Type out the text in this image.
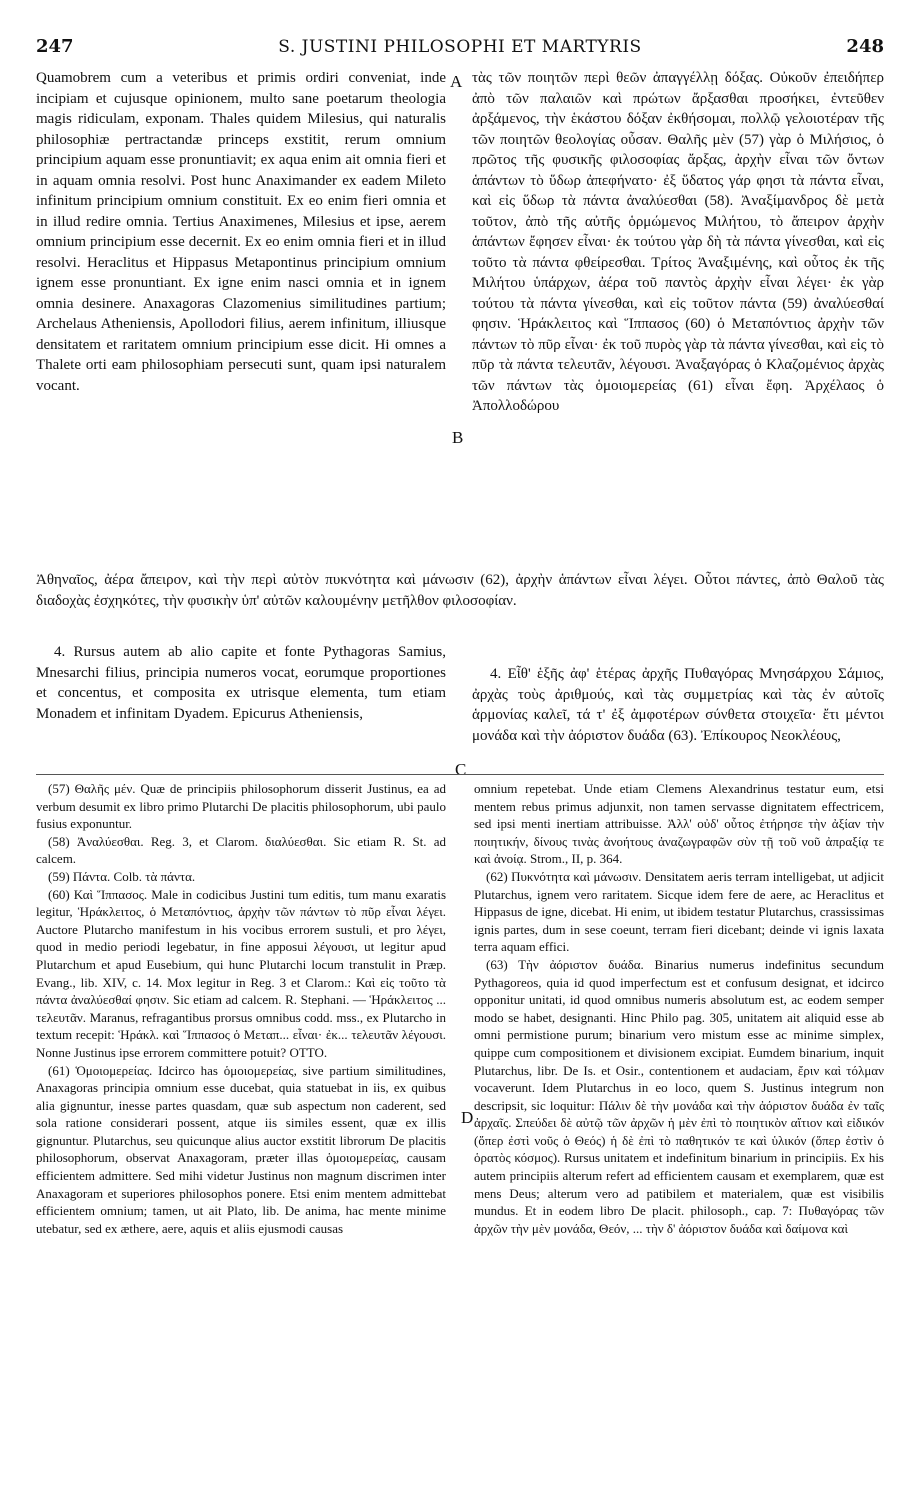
247	S. JUSTINI PHILOSOPHI ET MARTYRIS	248

Quamobrem cum a veteribus et primis ordiri conveniat, inde incipiam et cujusque opinionem, multo sane poetarum theologia magis ridiculam, exponam. Thales quidem Milesius, qui naturalis philosophiæ pertractandæ princeps exstitit, rerum omnium principium aquam esse pronuntiavit; ex aqua enim ait omnia fieri et in aquam omnia resolvi. Post hunc Anaximander ex eadem Mileto infinitum principium omnium constituit. Ex eo enim fieri omnia et in illud redire omnia. Tertius Anaximenes, Milesius et ipse, aerem omnium principium esse decernit. Ex eo enim omnia fieri et in illud resolvi. Heraclitus et Hippasus Metapontinus principium omnium ignem esse pronuntiant. Ex igne enim nasci omnia et in ignem omnia desinere. Anaxagoras Clazomenius similitudines partium; Archelaus Atheniensis, Apollodori filius, aerem infinitum, illiusque densitatem et raritatem omnium principium esse dicit. Hi omnes a Thalete orti eam philosophiam persecuti sunt, quam ipsi naturalem vocant.

τὰς τῶν ποιητῶν περὶ θεῶν ἀπαγγέλλῃ δόξας. Οὐκοῦν ἐπειδήπερ ἀπὸ τῶν παλαιῶν καὶ πρώτων ἄρξασθαι προσήκει, ἐντεῦθεν ἀρξάμενος, τὴν ἑκάστου δόξαν ἐκθήσομαι, πολλῷ γελοιοτέραν τῆς τῶν ποιητῶν θεολογίας οὖσαν. Θαλῆς μὲν (57) γὰρ ὁ Μιλήσιος, ὁ πρῶτος τῆς φυσικῆς φιλοσοφίας ἄρξας, ἀρχὴν εἶναι τῶν ὄντων ἁπάντων τὸ ὕδωρ ἀπεφήνατο· ἐξ ὕδατος γάρ φησι τὰ πάντα εἶναι, καὶ εἰς ὕδωρ τὰ πάντα ἀναλύεσθαι (58). Ἀναξίμανδρος δὲ μετὰ τοῦτον, ἀπὸ τῆς αὐτῆς ὁρμώμενος Μιλήτου, τὸ ἄπειρον ἀρχὴν ἁπάντων ἔφησεν εἶναι· ἐκ τούτου γὰρ δὴ τὰ πάντα γίνεσθαι, καὶ εἰς τοῦτο τὰ πάντα φθείρεσθαι. Τρίτος Ἀναξιμένης, καὶ οὗτος ἐκ τῆς Μιλήτου ὑπάρχων, ἀέρα τοῦ παντὸς ἀρχὴν εἶναι λέγει· ἐκ γὰρ τούτου τὰ πάντα γίνεσθαι, καὶ εἰς τοῦτον πάντα (59) ἀναλύεσθαί φησιν. Ἡράκλειτος καὶ Ἵππασος (60) ὁ Μεταπόντιος ἀρχὴν τῶν πάντων τὸ πῦρ εἶναι· ἐκ τοῦ πυρὸς γὰρ τὰ πάντα γίνεσθαι, καὶ εἰς τὸ πῦρ τὰ πάντα τελευτᾶν, λέγουσι. Ἀναξαγόρας ὁ Κλαζομένιος ἀρχὰς τῶν πάντων τὰς ὁμοιομερείας (61) εἶναι ἔφη. Ἀρχέλαος ὁ Ἀπολλοδώρου

A
B
C
D

Ἀθηναῖος, ἀέρα ἄπειρον, καὶ τὴν περὶ αὐτὸν πυκνότητα καὶ μάνωσιν (62), ἀρχὴν ἁπάντων εἶναι λέγει. Οὗτοι πάντες, ἀπὸ Θαλοῦ τὰς διαδοχὰς ἐσχηκότες, τὴν φυσικὴν ὑπ' αὐτῶν καλουμένην μετῆλθον φιλοσοφίαν.

4. Rursus autem ab alio capite et fonte Pythagoras Samius, Mnesarchi filius, principia numeros vocat, eorumque proportiones et concentus, et composita ex utrisque elementa, tum etiam Monadem et infinitam Dyadem. Epicurus Atheniensis,

4. Εἶθ' ἑξῆς ἀφ' ἑτέρας ἀρχῆς Πυθαγόρας Μνησάρχου Σάμιος, ἀρχὰς τοὺς ἀριθμούς, καὶ τὰς συμμετρίας καὶ τὰς ἐν αὐτοῖς ἁρμονίας καλεῖ, τά τ' ἐξ ἀμφοτέρων σύνθετα στοιχεῖα· ἔτι μέντοι μονάδα καὶ τὴν ἀόριστον δυάδα (63). Ἐπίκουρος Νεοκλέους,

(57) Θαλῆς μέν. Quæ de principiis philosophorum disserit Justinus, ea ad verbum desumit ex libro primo Plutarchi De placitis philosophorum, ubi paulo fusius exponuntur.

(58) Ἀναλύεσθαι. Reg. 3, et Clarom. διαλύεσθαι. Sic etiam R. St. ad calcem.

(59) Πάντα. Colb. τὰ πάντα.

(60) Καὶ Ἵππασος. Male in codicibus Justini tum editis, tum manu exaratis legitur, Ἡράκλειτος, ὁ Μεταπόντιος, ἀρχὴν τῶν πάντων τὸ πῦρ εἶναι λέγει. Auctore Plutarcho manifestum in his vocibus errorem sustuli, et pro λέγει, quod in medio periodi legebatur, in fine apposui λέγουσι, ut legitur apud Plutarchum et apud Eusebium, qui hunc Plutarchi locum transtulit in Præp. Evang., lib. XIV, c. 14. Mox legitur in Reg. 3 et Clarom.: Καὶ εἰς τοῦτο τὰ πάντα ἀναλύεσθαί φησιν. Sic etiam ad calcem. R. Stephani. — Ἡράκλειτος ... τελευτᾶν. Maranus, refragantibus prorsus omnibus codd. mss., ex Plutarcho in textum recepit: Ἡράκλ. καὶ Ἵππασος ὁ Μεταπ... εἶναι· ἐκ... τελευτᾶν λέγουσι. Nonne Justinus ipse errorem committere potuit? OTTO.

(61) Ὁμοιομερείας. Idcirco has ὁμοιομερείας, sive partium similitudines, Anaxagoras principia omnium esse ducebat, quia statuebat in iis, ex quibus alia gignuntur, inesse partes quasdam, quæ sub aspectum non caderent, sed sola ratione considerari possent, atque iis similes essent, quæ ex illis gignuntur. Plutarchus, seu quicunque alius auctor exstitit librorum De placitis philosophorum, observat Anaxagoram, præter illas ὁμοιομερείας, causam efficientem admittere. Sed mihi videtur Justinus non magnum discrimen inter Anaxagoram et superiores philosophos ponere. Etsi enim mentem admittebat efficientem omnium; tamen, ut ait Plato, lib. De anima, hac mente minime utebatur, sed ex æthere, aere, aquis et aliis ejusmodi causas

omnium repetebat. Unde etiam Clemens Alexandrinus testatur eum, etsi mentem rebus primus adjunxit, non tamen servasse dignitatem effectricem, sed ipsi menti inertiam attribuisse. Ἀλλ' οὐδ' οὗτος ἐτήρησε τὴν ἀξίαν τὴν ποιητικήν, δίνους τινὰς ἀνοήτους ἀναζωγραφῶν σὺν τῇ τοῦ νοῦ ἀπραξίᾳ τε καὶ ἀνοίᾳ. Strom., II, p. 364.

(62) Πυκνότητα καὶ μάνωσιν. Densitatem aeris terram intelligebat, ut adjicit Plutarchus, ignem vero raritatem. Sicque idem fere de aere, ac Heraclitus et Hippasus de igne, dicebat. Hi enim, ut ibidem testatur Plutarchus, crassissimas ignis partes, dum in sese coeunt, terram fieri dicebant; deinde vi ignis laxata terra aquam effici.

(63) Τὴν ἀόριστον δυάδα. Binarius numerus indefinitus secundum Pythagoreos, quia id quod imperfectum est et confusum designat, et idcirco opponitur unitati, id quod omnibus numeris absolutum est, ac eodem semper modo se habet, designanti. Hinc Philo pag. 305, unitatem ait aliquid esse ab omni permistione purum; binarium vero mistum esse ac minime simplex, quippe cum compositionem et divisionem excipiat. Eumdem binarium, inquit Plutarchus, libr. De Is. et Osir., contentionem et audaciam, ἔριν καὶ τόλμαν vocaverunt. Idem Plutarchus in eo loco, quem S. Justinus integrum non descripsit, sic loquitur: Πάλιν δὲ τὴν μονάδα καὶ τὴν ἀόριστον δυάδα ἐν ταῖς ἀρχαῖς. Σπεύδει δὲ αὐτῷ τῶν ἀρχῶν ἡ μὲν ἐπὶ τὸ ποιητικὸν αἴτιον καὶ εἰδικόν (ὅπερ ἐστὶ νοῦς ὁ Θεός) ἡ δὲ ἐπὶ τὸ παθητικόν τε καὶ ὑλικόν (ὅπερ ἐστὶν ὁ ὁρατὸς κόσμος). Rursus unitatem et indefinitum binarium in principiis. Ex his autem principiis alterum refert ad efficientem causam et exemplarem, quæ est mens Deus; alterum vero ad patibilem et materialem, quæ est visibilis mundus. Et in eodem libro De placit. philosoph., cap. 7: Πυθαγόρας τῶν ἀρχῶν τὴν μὲν μονάδα, Θεόν, ... τὴν δ' ἀόριστον δυάδα καὶ δαίμονα καὶ
